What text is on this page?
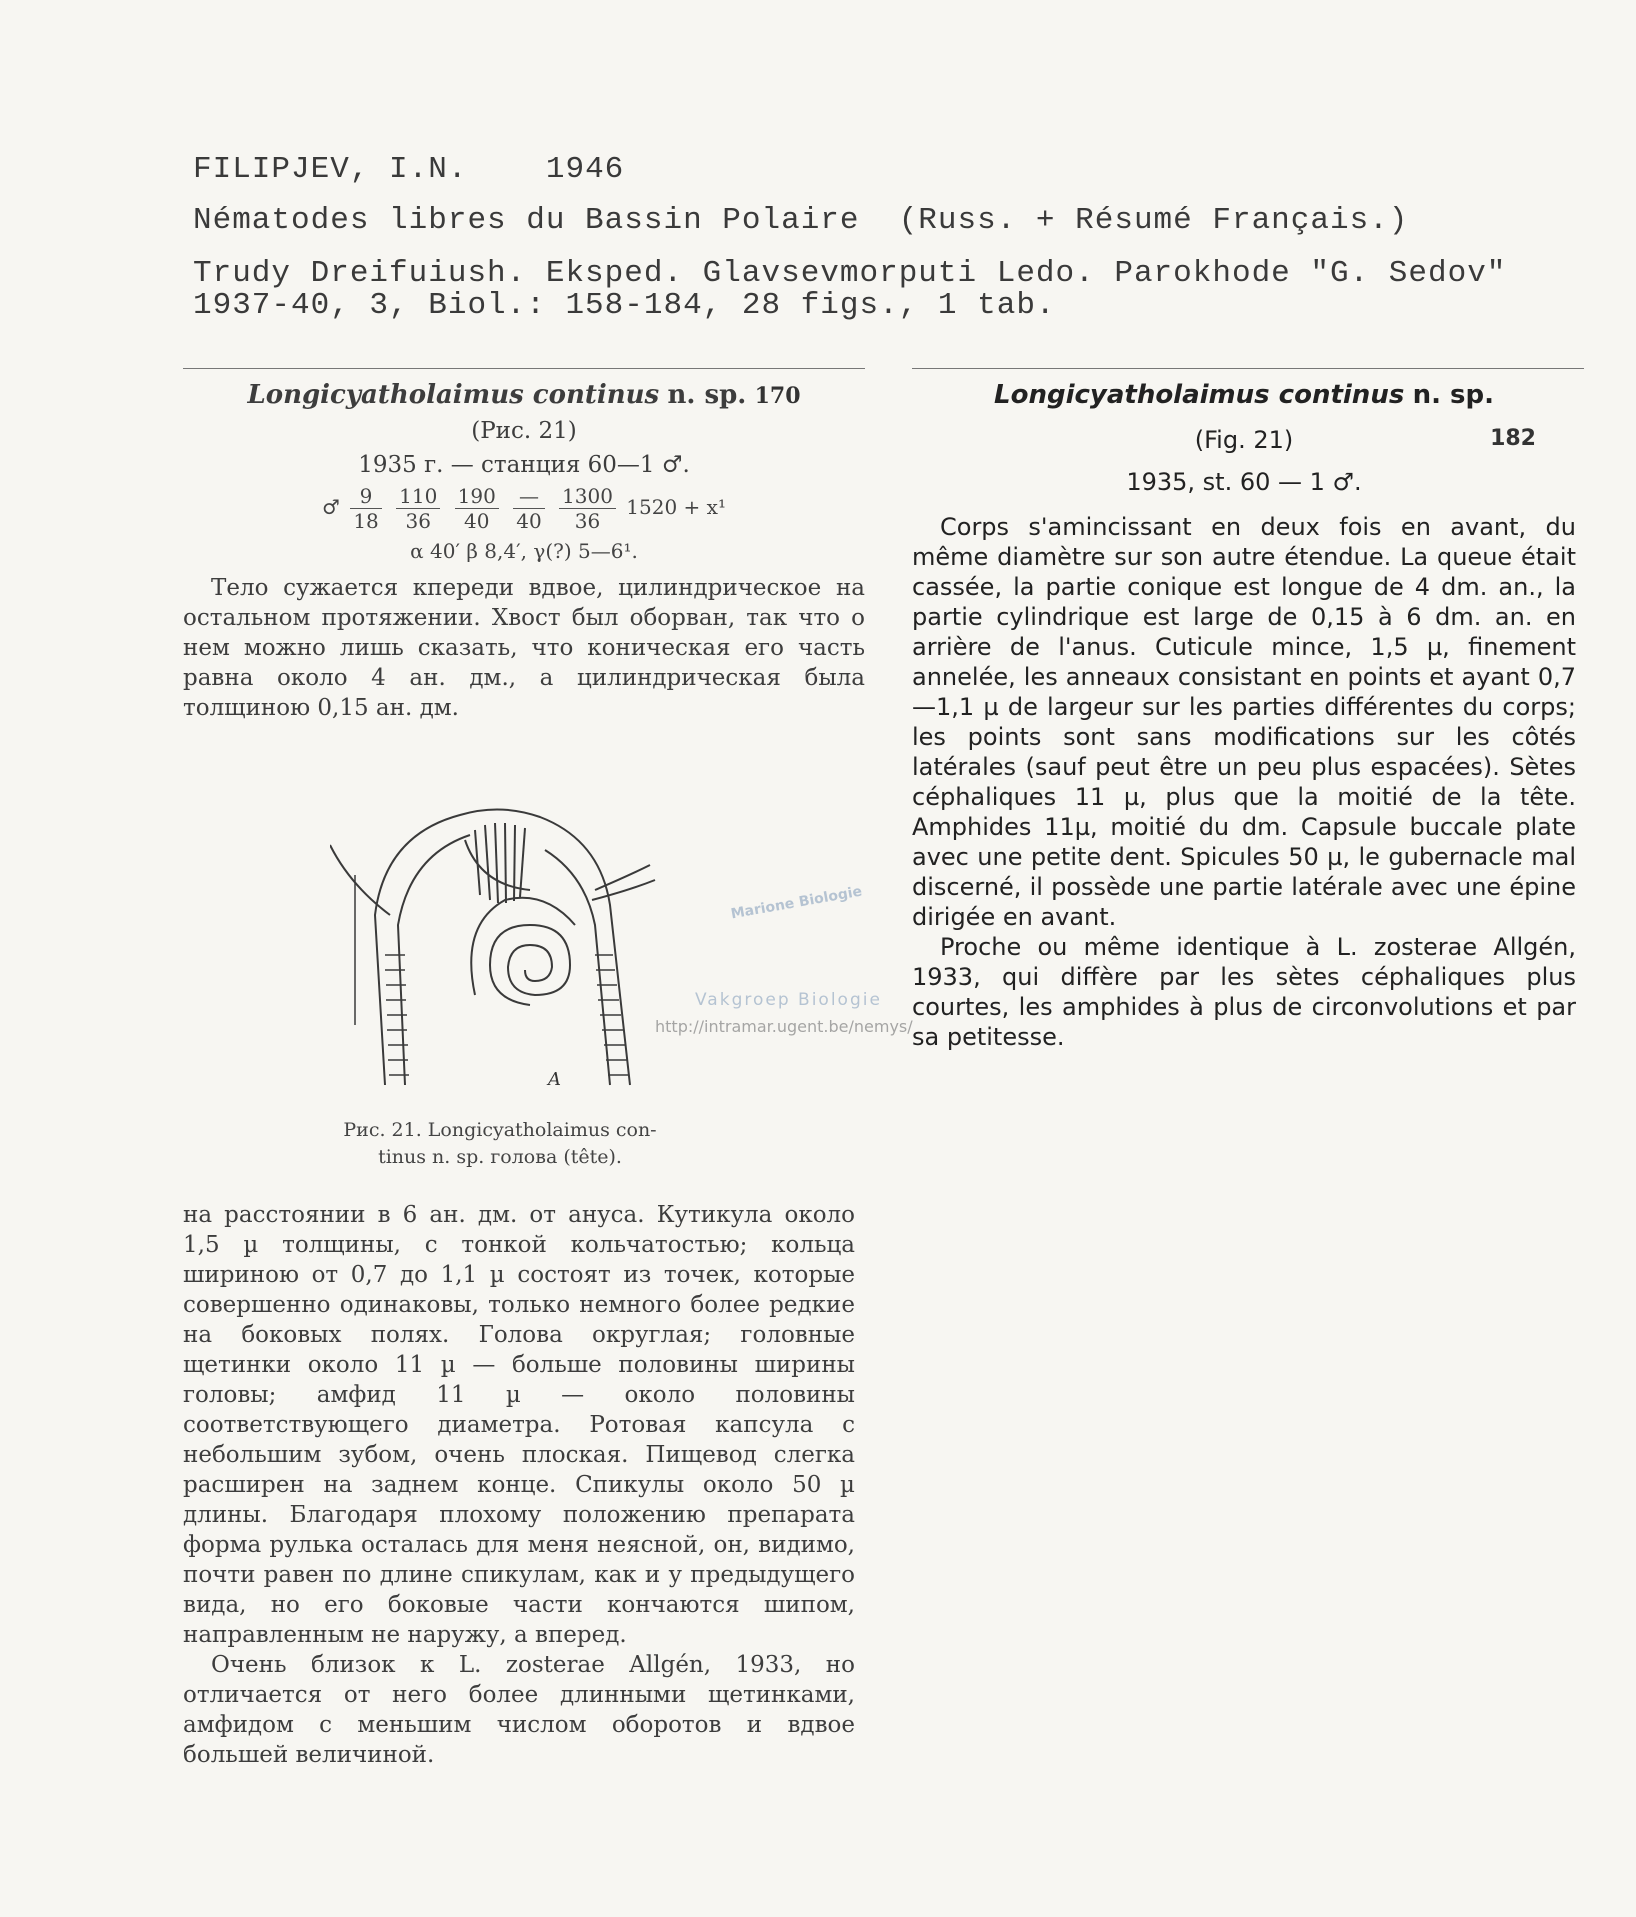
FILIPJEV, I.N.	1946
Nématodes libres du Bassin Polaire  (Russ. + Résumé Français.)
Trudy Dreifuiush. Eksped. Glavsevmorputi Ledo. Parokhode "G. Sedov"
1937-40, 3, Biol.: 158-184, 28 figs., 1 tab.
Longicyatholaimus continus n. sp. 170
(Рис. 21)
1935 г. — станция 60—1 ♂.
♂ $\frac{9}{18}$
$\frac{110}{36}$
$\frac{190}{40}$
$\frac{—}{40}$
$\frac{1300}{36} 1520 + x^1$
α 40′ β 8,4′, γ(?) 5—6¹.
Тело сужается кпереди вдвое, цилиндрическое на остальном протяжении. Хвост был оборван, так что о нем можно лишь сказать, что коническая его часть равна около 4 ан. дм., а цилиндрическая была толщиною 0,15 ан. дм.
A
Рис. 21. Longicyatholaimus con-
tinus n. sp. голова (tête).
на расстоянии в 6 ан. дм. от ануса. Кутикула около 1,5 µ толщины, с тонкой кольчатостью; кольца шириною от 0,7 до 1,1 µ состоят из точек, которые совершенно одинаковы, только немного более редкие на боковых полях. Голова округлая; головные щетинки около 11 µ — больше половины ширины головы; амфид 11 µ — около половины соответствующего диаметра. Ротовая капсула с небольшим зубом, очень плоская. Пищевод слегка расширен на заднем конце. Спикулы около 50 µ длины. Благодаря плохому положению препарата форма рулька осталась для меня неясной, он, видимо, почти равен по длине спикулам, как и у предыдущего вида, но его боковые части кончаются шипом, направленным не наружу, а вперед.
Очень близок к L. zosterae Allgén, 1933, но отличается от него более длинными щетинками, амфидом с меньшим числом оборотов и вдвое большей величиной.
Longicyatholaimus continus n. sp.
(Fig. 21)	182
1935, st. 60 — 1 ♂.
Corps s'amincissant en deux fois en avant, du même diamètre sur son autre étendue. La queue était cassée, la partie conique est longue de 4 dm. an., la partie cylindrique est large de 0,15 à 6 dm. an. en arrière de l'anus. Cuticule mince, 1,5 µ, finement annelée, les anneaux consistant en points et ayant 0,7—1,1 µ de largeur sur les parties différentes du corps; les points sont sans modifications sur les côtés latérales (sauf peut être un peu plus espacées). Sètes céphaliques 11 µ, plus que la moitié de la tête. Amphides 11µ, moitié du dm. Capsule buccale plate avec une petite dent. Spicules 50 µ, le gubernacle mal discerné, il possède une partie latérale avec une épine dirigée en avant.
Proche ou même identique à L. zosterae Allgén, 1933, qui diffère par les sètes céphaliques plus courtes, les amphides à plus de circonvolutions et par sa petitesse.
Marione Biologie
Vakgroep Biologie
http://intramar.ugent.be/nemys/
